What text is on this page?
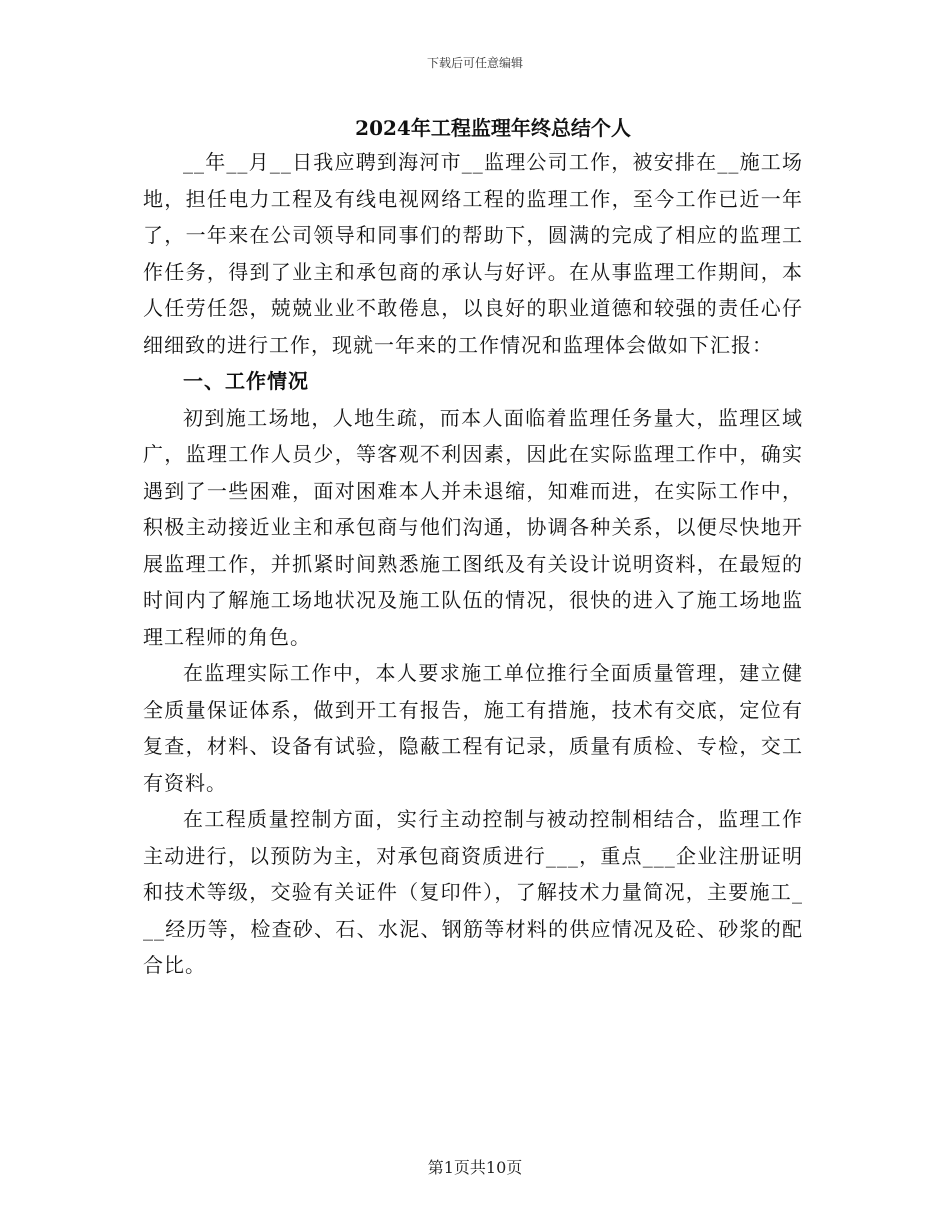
下载后可任意编辑
2024年工程监理年终总结个人

__年__月__日我应聘到海河市__监理公司工作，被安排在__施工场地，担任电力工程及有线电视网络工程的监理工作，至今工作已近一年了，一年来在公司领导和同事们的帮助下，圆满的完成了相应的监理工作任务，得到了业主和承包商的承认与好评。在从事监理工作期间，本人任劳任怨，兢兢业业不敢倦息，以良好的职业道德和较强的责任心仔细细致的进行工作，现就一年来的工作情况和监理体会做如下汇报：

一、工作情况

初到施工场地，人地生疏，而本人面临着监理任务量大，监理区域广，监理工作人员少，等客观不利因素，因此在实际监理工作中，确实遇到了一些困难，面对困难本人并未退缩，知难而进，在实际工作中，积极主动接近业主和承包商与他们沟通，协调各种关系，以便尽快地开展监理工作，并抓紧时间熟悉施工图纸及有关设计说明资料，在最短的时间内了解施工场地状况及施工队伍的情况，很快的进入了施工场地监理工程师的角色。

在监理实际工作中，本人要求施工单位推行全面质量管理，建立健全质量保证体系，做到开工有报告，施工有措施，技术有交底，定位有复查，材料、设备有试验，隐蔽工程有记录，质量有质检、专检，交工有资料。

在工程质量控制方面，实行主动控制与被动控制相结合，监理工作主动进行，以预防为主，对承包商资质进行___，重点___企业注册证明和技术等级，交验有关证件（复印件），了解技术力量简况，主要施工___经历等，检查砂、石、水泥、钢筋等材料的供应情况及砼、砂浆的配合比。

第1页共10页
